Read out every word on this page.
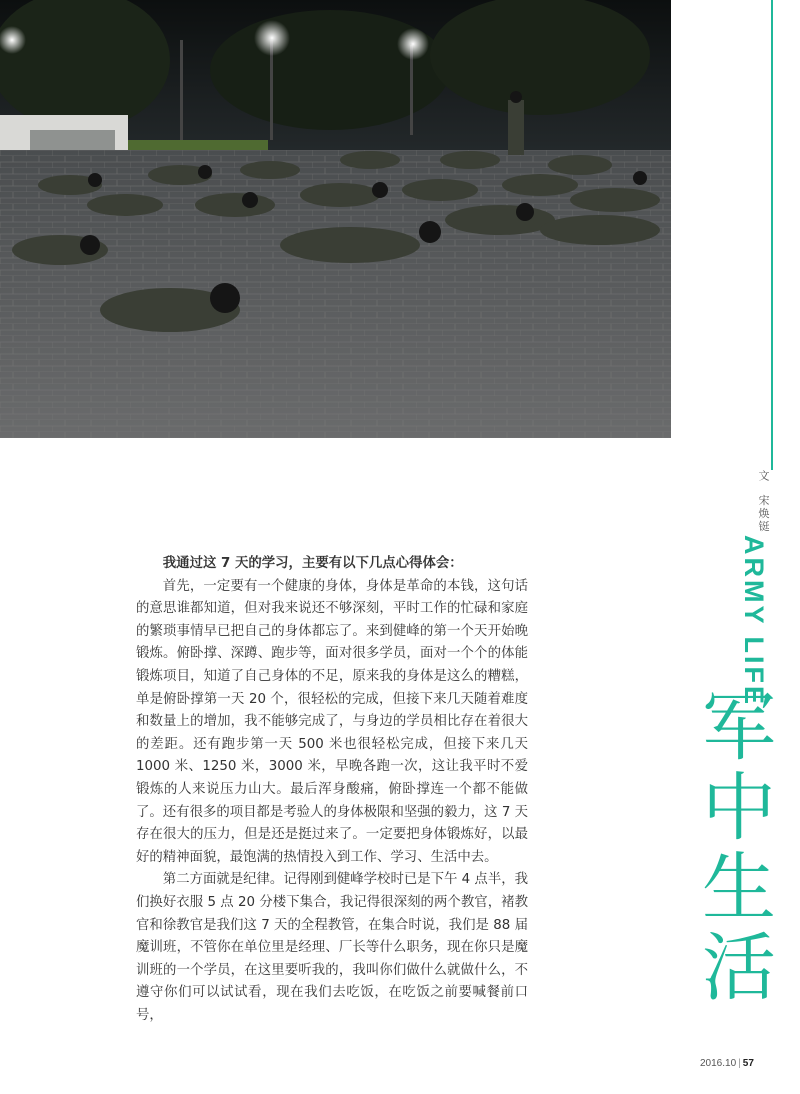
文 宋焕铤
ARMY LIFE
军
中
生
活

我通过这 7 天的学习，主要有以下几点心得体会：

首先，一定要有一个健康的身体，身体是革命的本钱，这句话的意思谁都知道，但对我来说还不够深刻，平时工作的忙碌和家庭的繁琐事情早已把自己的身体都忘了。来到健峰的第一个天开始晚锻炼。俯卧撑、深蹲、跑步等，面对很多学员，面对一个个的体能锻炼项目，知道了自己身体的不足，原来我的身体是这么的糟糕，单是俯卧撑第一天 20 个，很轻松的完成，但接下来几天随着难度和数量上的增加，我不能够完成了，与身边的学员相比存在着很大的差距。还有跑步第一天 500 米也很轻松完成，但接下来几天 1000 米、1250 米，3000 米，早晚各跑一次，这让我平时不爱锻炼的人来说压力山大。最后浑身酸痛，俯卧撑连一个都不能做了。还有很多的项目都是考验人的身体极限和坚强的毅力，这 7 天存在很大的压力，但是还是挺过来了。一定要把身体锻炼好，以最好的精神面貌，最饱满的热情投入到工作、学习、生活中去。

第二方面就是纪律。记得刚到健峰学校时已是下午 4 点半，我们换好衣服 5 点 20 分楼下集合，我记得很深刻的两个教官，褚教官和徐教官是我们这 7 天的全程教管，在集合时说，我们是 88 届魔训班，不管你在单位里是经理、厂长等什么职务，现在你只是魔训班的一个学员，在这里要听我的，我叫你们做什么就做什么，不遵守你们可以试试看，现在我们去吃饭，在吃饭之前要喊餐前口号，

2016.10 | 57
